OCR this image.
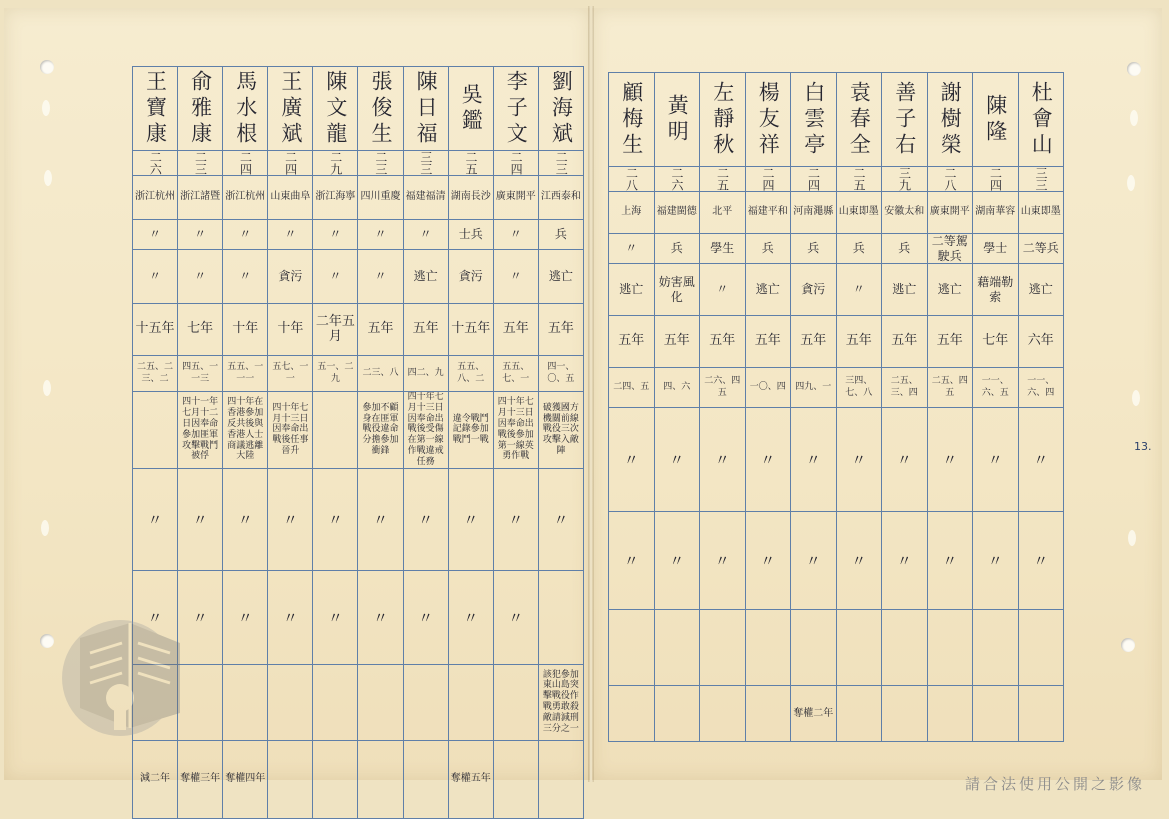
王寶康	俞雅康	馬水根	王廣斌	陳文龍	張俊生	陳日福	吳鑑	李子文	劉海斌
二六	二三	二四	二四	二九	二三	三三	二五	二四	二三
浙江杭州	浙江諸暨	浙江杭州	山東曲阜	浙江海寧	四川重慶	福建福清	湖南長沙	廣東開平	江西泰和
〃	〃	〃	〃	〃	〃	〃	士兵	〃	兵
〃	〃	〃	貪污	〃	〃	逃亡	貪污	〃	逃亡
十五年	七年	十年	十年	二年五月	五年	五年	十五年	五年	五年
二五、二三、二	四五、一一三	五五、一一一	五七、一一	五一、二九	二三、八	四二、九	五五、八、二	五五、七、一	四一、〇、五
	四十一年七月十二日因奉命參加匪軍攻擊戰鬥被俘	四十年在香港參加反共後與香港人士商議逃離大陸	四十年七月十三日因奉命出戰後任事晉升		參加不顧身在匪軍戰役違命分擔參加衝鋒	四十年七月十三日因奉命出戰後受傷在第一線作戰違戒任務	違令戰鬥記錄參加戰鬥一戰	四十年七月十三日因奉命出戰後參加第一線英勇作戰	破獲國方機關前線戰役三次攻擊入敵陣
〃	〃	〃	〃	〃	〃	〃	〃	〃	〃
〃	〃	〃	〃	〃	〃	〃	〃	〃	
									該犯參加東山島突擊戰役作戰勇敢殺敵請減刑三分之一
減二年	奪權三年	奪權四年					奪權五年		
顧梅生	黃明	左靜秋	楊友祥	白雲亭	袁春全	善子右	謝樹榮	陳隆	杜會山
二八	二六	二五	二四	二四	二五	三九	二八	二四	三三
上海	福建閩德	北平	福建平和	河南澠縣	山東即墨	安徽太和	廣東開平	湖南華容	山東即墨
〃	兵	學生	兵	兵	兵	兵	二等駕駛兵	學士	二等兵
逃亡	妨害風化	〃	逃亡	貪污	〃	逃亡	逃亡	藉端勒索	逃亡
五年	五年	五年	五年	五年	五年	五年	五年	七年	六年
二四、五	四、六	二六、四五	一〇、四	四九、一	三四、七、八	二五、三、四	二五、四五	一一、六、五	一一、六、四
〃	〃	〃	〃	〃	〃	〃	〃	〃	〃
〃	〃	〃	〃	〃	〃	〃	〃	〃	〃

				奪權二年					
13.
請合法使用公開之影像
